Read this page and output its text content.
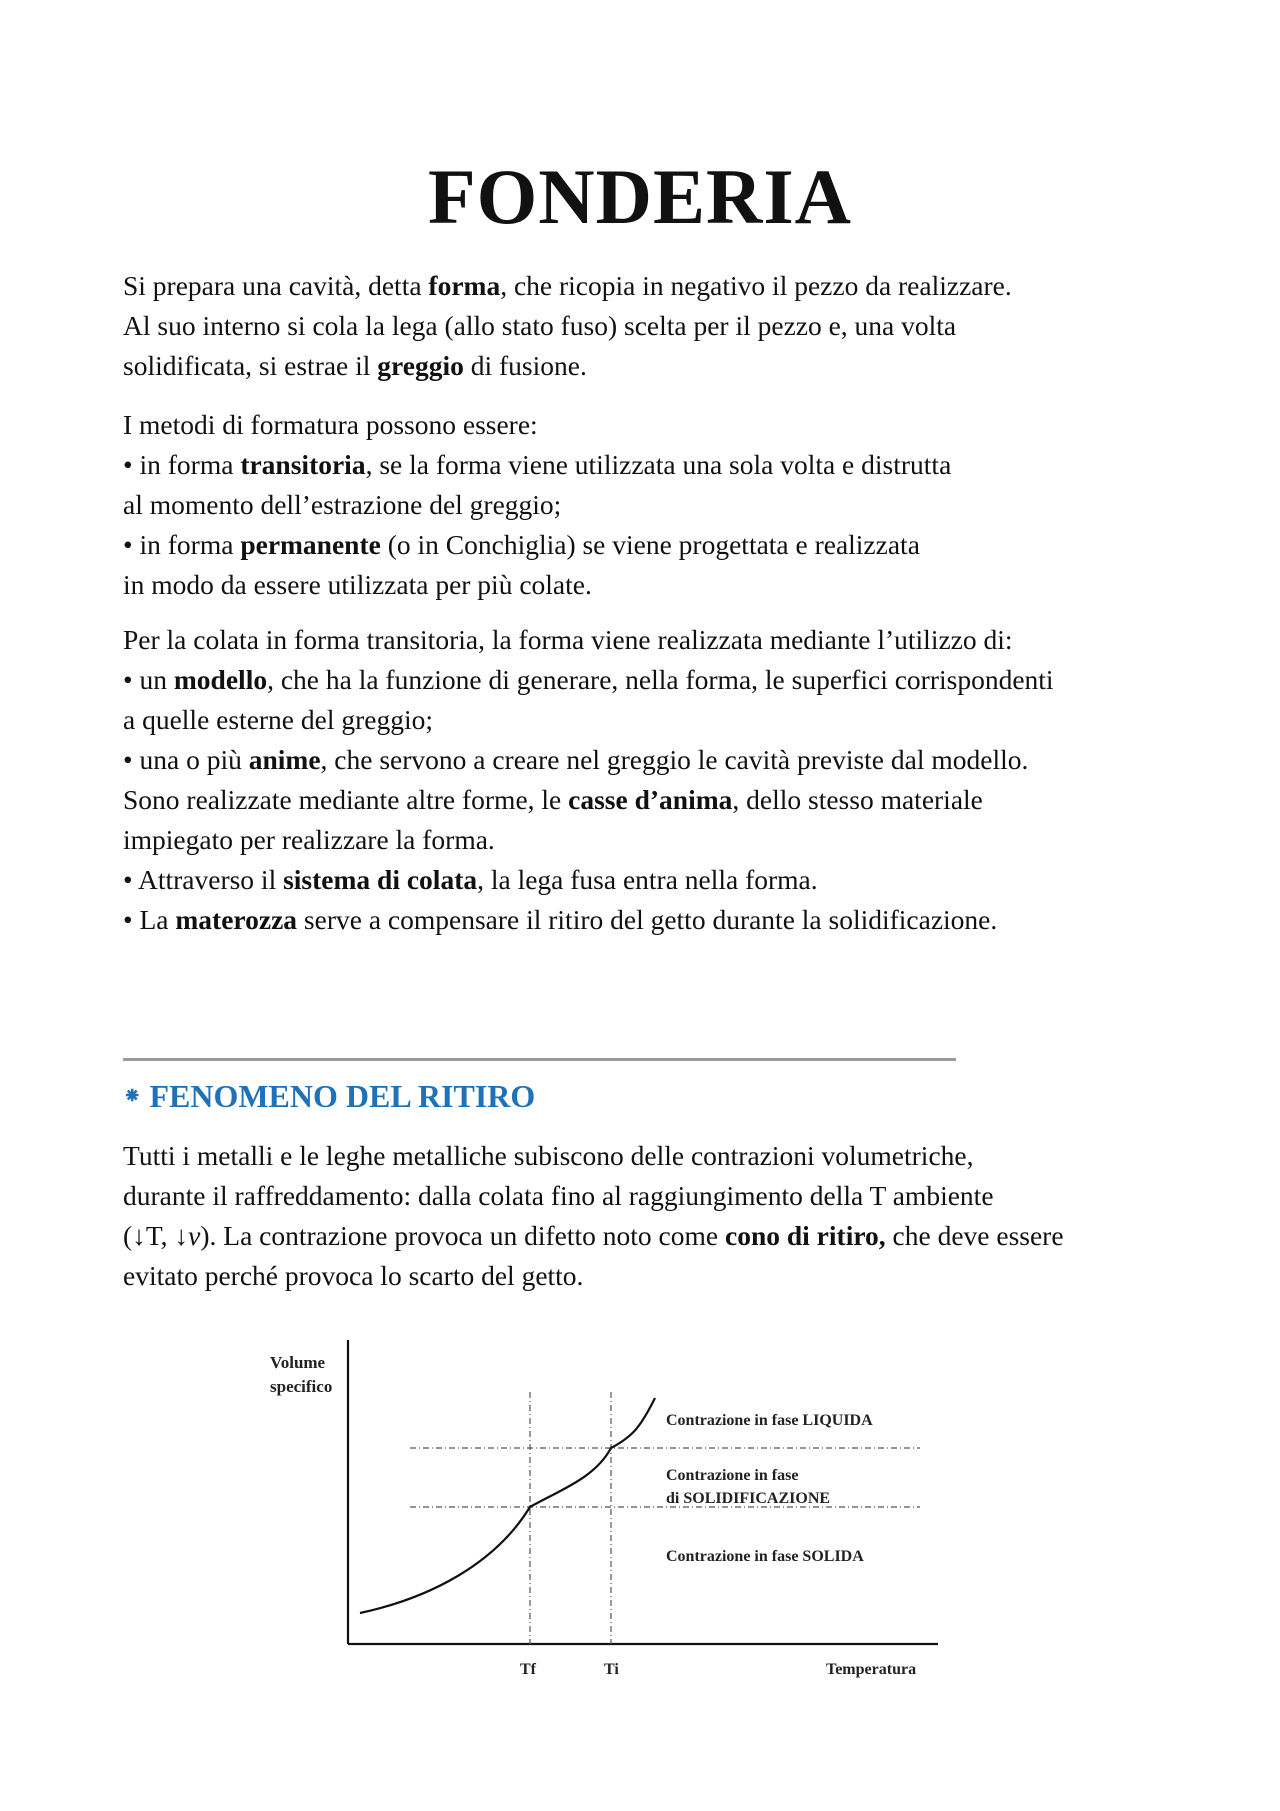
FONDERIA

Si prepara una cavità, detta forma, che ricopia in negativo il pezzo da realizzare.
Al suo interno si cola la lega (allo stato fuso) scelta per il pezzo e, una volta
solidificata, si estrae il greggio di fusione.

I metodi di formatura possono essere:
• in forma transitoria, se la forma viene utilizzata una sola volta e distrutta
al momento dell’estrazione del greggio;
• in forma permanente (o in Conchiglia) se viene progettata e realizzata
in modo da essere utilizzata per più colate.

Per la colata in forma transitoria, la forma viene realizzata mediante l’utilizzo di:
• un modello, che ha la funzione di generare, nella forma, le superfici corrispondenti
a quelle esterne del greggio;
• una o più anime, che servono a creare nel greggio le cavità previste dal modello.
Sono realizzate mediante altre forme, le casse d’anima, dello stesso materiale
impiegato per realizzare la forma.
• Attraverso il sistema di colata, la lega fusa entra nella forma.
• La materozza serve a compensare il ritiro del getto durante la solidificazione.

⁕ FENOMENO DEL RITIRO

Tutti i metalli e le leghe metalliche subiscono delle contrazioni volumetriche,
durante il raffreddamento: dalla colata fino al raggiungimento della T ambiente
(↓T, ↓v). La contrazione provoca un difetto noto come cono di ritiro, che deve essere
evitato perché provoca lo scarto del getto.

Volume
specifico
Contrazione in fase LIQUIDA
Contrazione in fase
di SOLIDIFICAZIONE
Contrazione in fase SOLIDA
Tf	Ti	Temperatura
